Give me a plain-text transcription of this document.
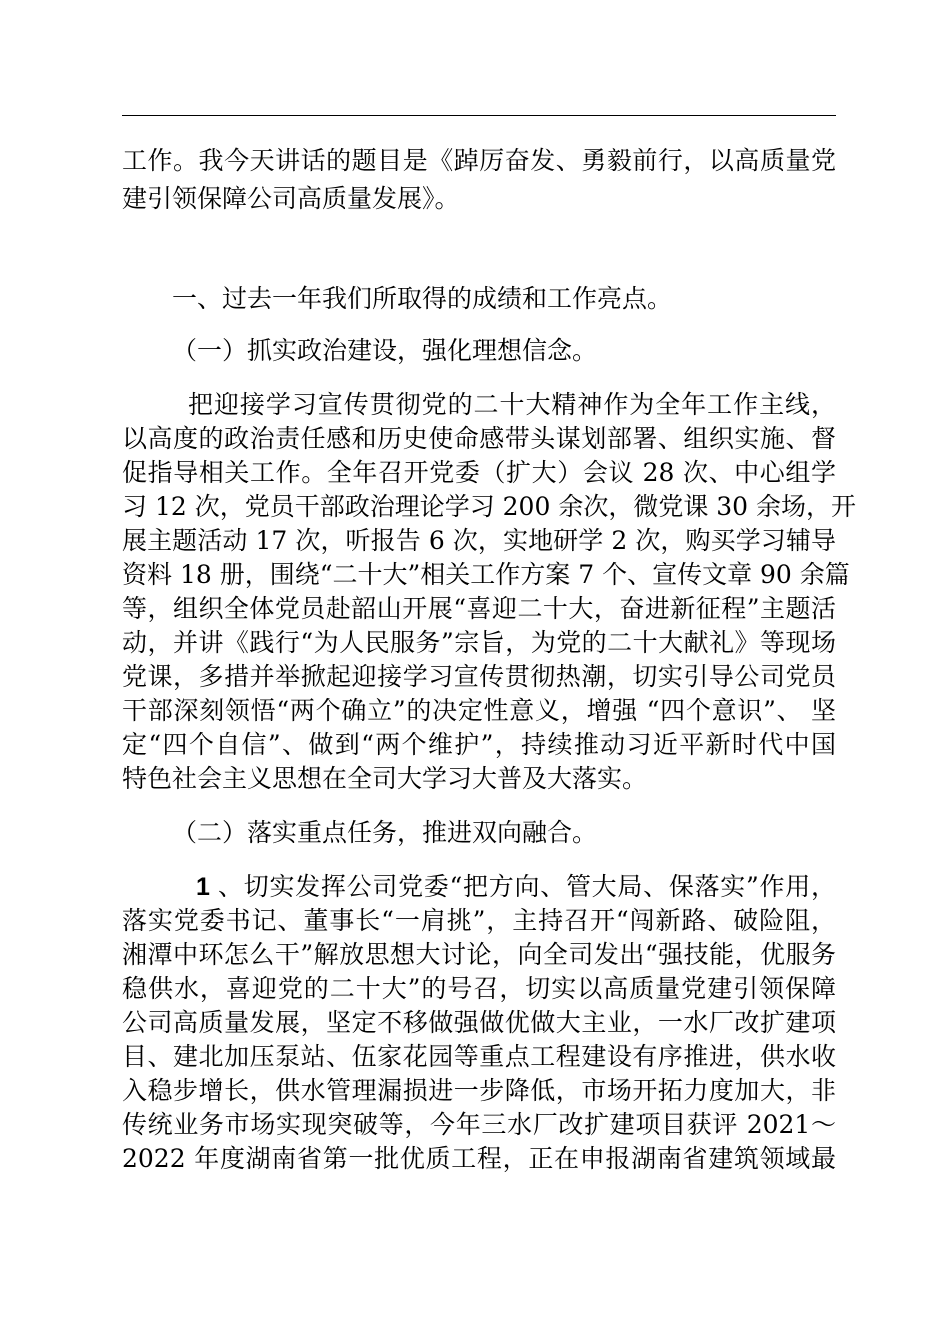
工作。我今天讲话的题目是《踔厉奋发、勇毅前行，以高质量党
建引领保障公司高质量发展》。
一、过去一年我们所取得的成绩和工作亮点。
（一）抓实政治建设，强化理想信念。
把迎接学习宣传贯彻党的二十大精神作为全年工作主线，
以高度的政治责任感和历史使命感带头谋划部署、组织实施、督
促指导相关工作。全年召开党委（扩大）会议 28 次、中心组学
习 12 次，党员干部政治理论学习 200 余次，微党课 30 余场，开
展主题活动 17 次，听报告 6 次，实地研学 2 次，购买学习辅导
资料 18 册，围绕“二十大”相关工作方案 7 个、宣传文章 90 余篇
等，组织全体党员赴韶山开展“喜迎二十大，奋进新征程”主题活
动，并讲《践行“为人民服务”宗旨，为党的二十大献礼》等现场
党课，多措并举掀起迎接学习宣传贯彻热潮，切实引导公司党员
干部深刻领悟“两个确立”的决定性意义，增强 “四个意识”、 坚
定“四个自信”、做到“两个维护”，持续推动习近平新时代中国
特色社会主义思想在全司大学习大普及大落实。
（二）落实重点任务，推进双向融合。
1 、切实发挥公司党委“把方向、管大局、保落实”作用，
落实党委书记、董事长“一肩挑”，主持召开“闯新路、破险阻，
湘潭中环怎么干”解放思想大讨论，向全司发出“强技能，优服务
稳供水，喜迎党的二十大”的号召，切实以高质量党建引领保障
公司高质量发展，坚定不移做强做优做大主业，一水厂改扩建项
目、建北加压泵站、伍家花园等重点工程建设有序推进，供水收
入稳步增长，供水管理漏损进一步降低，市场开拓力度加大，非
传统业务市场实现突破等，今年三水厂改扩建项目获评 2021～
2022 年度湖南省第一批优质工程，正在申报湖南省建筑领域最
